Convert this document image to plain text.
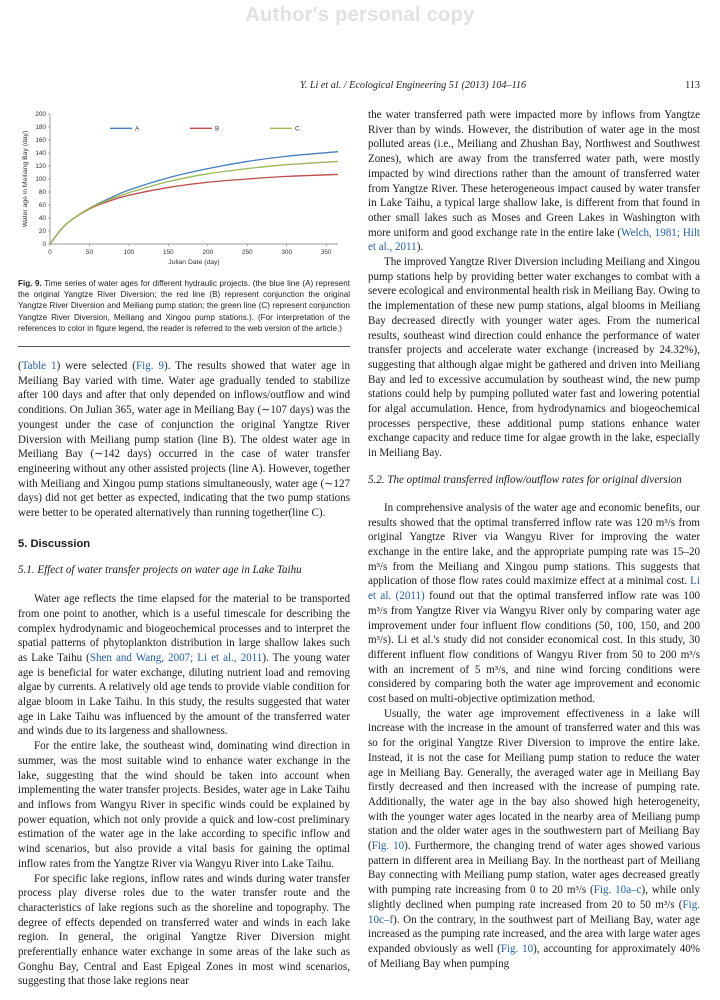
Author's personal copy
Y. Li et al. / Ecological Engineering 51 (2013) 104–116	113
0
20
40
60
80
100
120
140
160
180
200
0	50	100	150	200	250	300	350
Julian Date (day)
Water age in Meiliang Bay (day)
A	B	C
Fig. 9. Time series of water ages for different hydraulic projects. (the blue line (A) represent the original Yangtze River Diversion; the red line (B) represent conjunction the original Yangtze River Diversion and Meiliang pump station; the green line (C) represent conjunction Yangtze River Diversion, Meiliang and Xingou pump stations.). (For interpretation of the references to color in figure legend, the reader is referred to the web version of the article.)

(Table 1) were selected (Fig. 9). The results showed that water age in Meiliang Bay varied with time. Water age gradually tended to stabilize after 100 days and after that only depended on inflows/outflow and wind conditions. On Julian 365, water age in Meiliang Bay (∼107 days) was the youngest under the case of conjunction the original Yangtze River Diversion with Meiliang pump station (line B). The oldest water age in Meiliang Bay (∼142 days) occurred in the case of water transfer engineering without any other assisted projects (line A). However, together with Meiliang and Xingou pump stations simultaneously, water age (∼127 days) did not get better as expected, indicating that the two pump stations were better to be operated alternatively than running together(line C).

5. Discussion
5.1. Effect of water transfer projects on water age in Lake Taihu

Water age reflects the time elapsed for the material to be transported from one point to another, which is a useful timescale for describing the complex hydrodynamic and biogeochemical processes and to interpret the spatial patterns of phytoplankton distribution in large shallow lakes such as Lake Taihu (Shen and Wang, 2007; Li et al., 2011). The young water age is beneficial for water exchange, diluting nutrient load and removing algae by currents. A relatively old age tends to provide viable condition for algae bloom in Lake Taihu. In this study, the results suggested that water age in Lake Taihu was influenced by the amount of the transferred water and winds due to its largeness and shallowness.

For the entire lake, the southeast wind, dominating wind direction in summer, was the most suitable wind to enhance water exchange in the lake, suggesting that the wind should be taken into account when implementing the water transfer projects. Besides, water age in Lake Taihu and inflows from Wangyu River in specific winds could be explained by power equation, which not only provide a quick and low-cost preliminary estimation of the water age in the lake according to specific inflow and wind scenarios, but also provide a vital basis for gaining the optimal inflow rates from the Yangtze River via Wangyu River into Lake Taihu.

For specific lake regions, inflow rates and winds during water transfer process play diverse roles due to the water transfer route and the characteristics of lake regions such as the shoreline and topography. The degree of effects depended on transferred water and winds in each lake region. In general, the original Yangtze River Diversion might preferentially enhance water exchange in some areas of the lake such as Gonghu Bay, Central and East Epigeal Zones in most wind scenarios, suggesting that those lake regions near

the water transferred path were impacted more by inflows from Yangtze River than by winds. However, the distribution of water age in the most polluted areas (i.e., Meiliang and Zhushan Bay, Northwest and Southwest Zones), which are away from the transferred water path, were mostly impacted by wind directions rather than the amount of transferred water from Yangtze River. These heterogeneous impact caused by water transfer in Lake Taihu, a typical large shallow lake, is different from that found in other small lakes such as Moses and Green Lakes in Washington with more uniform and good exchange rate in the entire lake (Welch, 1981; Hilt et al., 2011).

The improved Yangtze River Diversion including Meiliang and Xingou pump stations help by providing better water exchanges to combat with a severe ecological and environmental health risk in Meiliang Bay. Owing to the implementation of these new pump stations, algal blooms in Meiliang Bay decreased directly with younger water ages. From the numerical results, southeast wind direction could enhance the performance of water transfer projects and accelerate water exchange (increased by 24.32%), suggesting that although algae might be gathered and driven into Meiliang Bay and led to excessive accumulation by southeast wind, the new pump stations could help by pumping polluted water fast and lowering potential for algal accumulation. Hence, from hydrodynamics and biogeochemical processes perspective, these additional pump stations enhance water exchange capacity and reduce time for algae growth in the lake, especially in Meiliang Bay.

5.2. The optimal transferred inflow/outflow rates for original diversion

In comprehensive analysis of the water age and economic benefits, our results showed that the optimal transferred inflow rate was 120 m³/s from original Yangtze River via Wangyu River for improving the water exchange in the entire lake, and the appropriate pumping rate was 15–20 m³/s from the Meiliang and Xingou pump stations. This suggests that application of those flow rates could maximize effect at a minimal cost. Li et al. (2011) found out that the optimal transferred inflow rate was 100 m³/s from Yangtze River via Wangyu River only by comparing water age improvement under four influent flow conditions (50, 100, 150, and 200 m³/s). Li et al.'s study did not consider economical cost. In this study, 30 different influent flow conditions of Wangyu River from 50 to 200 m³/s with an increment of 5 m³/s, and nine wind forcing conditions were considered by comparing both the water age improvement and economic cost based on multi-objective optimization method.

Usually, the water age improvement effectiveness in a lake will increase with the increase in the amount of transferred water and this was so for the original Yangtze River Diversion to improve the entire lake. Instead, it is not the case for Meiliang pump station to reduce the water age in Meiliang Bay. Generally, the averaged water age in Meiliang Bay firstly decreased and then increased with the increase of pumping rate. Additionally, the water age in the bay also showed high heterogeneity, with the younger water ages located in the nearby area of Meiliang pump station and the older water ages in the southwestern part of Meiliang Bay (Fig. 10). Furthermore, the changing trend of water ages showed various pattern in different area in Meiliang Bay. In the northeast part of Meiliang Bay connecting with Meiliang pump station, water ages decreased greatly with pumping rate increasing from 0 to 20 m³/s (Fig. 10a–c), while only slightly declined when pumping rate increased from 20 to 50 m³/s (Fig. 10c–f). On the contrary, in the southwest part of Meiliang Bay, water age increased as the pumping rate increased, and the area with large water ages expanded obviously as well (Fig. 10), accounting for approximately 40% of Meiliang Bay when pumping
